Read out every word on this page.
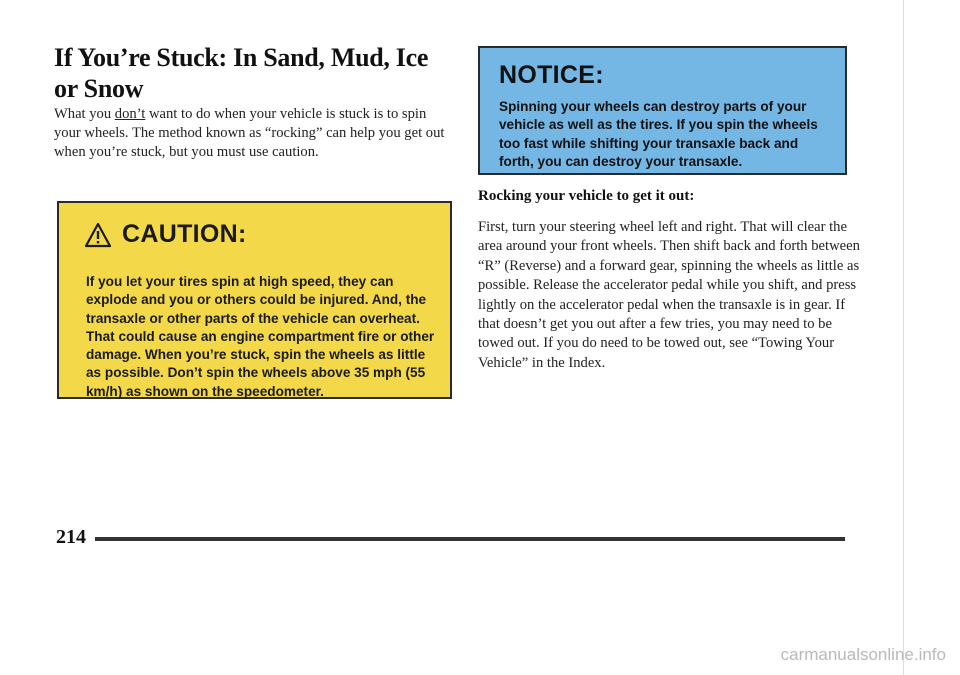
If You’re Stuck: In Sand, Mud, Ice or Snow

What you don’t want to do when your vehicle is stuck is to spin your wheels. The method known as “rocking” can help you get out when you’re stuck, but you must use caution.

CAUTION:
If you let your tires spin at high speed, they can explode and you or others could be injured. And, the transaxle or other parts of the vehicle can overheat. That could cause an engine compartment fire or other damage. When you’re stuck, spin the wheels as little as possible. Don’t spin the wheels above 35 mph (55 km/h) as shown on the speedometer.
NOTICE:
Spinning your wheels can destroy parts of your vehicle as well as the tires. If you spin the wheels too fast while shifting your transaxle back and forth, you can destroy your transaxle.
Rocking your vehicle to get it out:
First, turn your steering wheel left and right. That will clear the area around your front wheels. Then shift back and forth between “R” (Reverse) and a forward gear, spinning the wheels as little as possible. Release the accelerator pedal while you shift, and press lightly on the accelerator pedal when the transaxle is in gear. If that doesn’t get you out after a few tries, you may need to be towed out. If you do need to be towed out, see “Towing Your Vehicle” in the Index.
214
carmanualsonline.info
